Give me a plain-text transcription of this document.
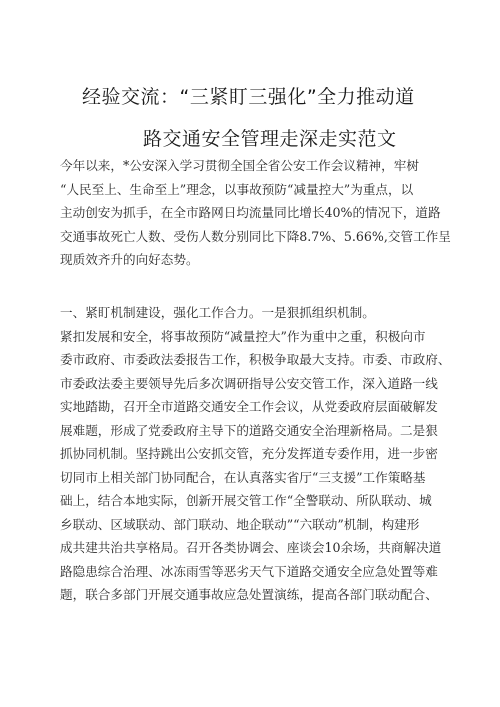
经验交流：“三紧盯三强化”全力推动道
路交通安全管理走深走实范文
今年以来，*公安深入学习贯彻全国全省公安工作会议精神，牢树
“人民至上、生命至上”理念，以事故预防“减量控大”为重点，以
主动创安为抓手，在全市路网日均流量同比增长40%的情况下，道路
交通事故死亡人数、受伤人数分别同比下降8.7%、5.66%,交管工作呈
现质效齐升的向好态势。
一、紧盯机制建设，强化工作合力。一是狠抓组织机制。
紧扣发展和安全，将事故预防“减量控大”作为重中之重，积极向市
委市政府、市委政法委报告工作，积极争取最大支持。市委、市政府、
市委政法委主要领导先后多次调研指导公安交管工作，深入道路一线
实地踏勘，召开全市道路交通安全工作会议，从党委政府层面破解发
展难题，形成了党委政府主导下的道路交通安全治理新格局。二是狠
抓协同机制。坚持跳出公安抓交管，充分发挥道专委作用，进一步密
切同市上相关部门协同配合，在认真落实省厅“三支援”工作策略基
础上，结合本地实际，创新开展交管工作“全警联动、所队联动、城
乡联动、区域联动、部门联动、地企联动”“六联动”机制，构建形
成共建共治共享格局。召开各类协调会、座谈会10余场，共商解决道
路隐患综合治理、冰冻雨雪等恶劣天气下道路交通安全应急处置等难
题，联合多部门开展交通事故应急处置演练，提高各部门联动配合、
